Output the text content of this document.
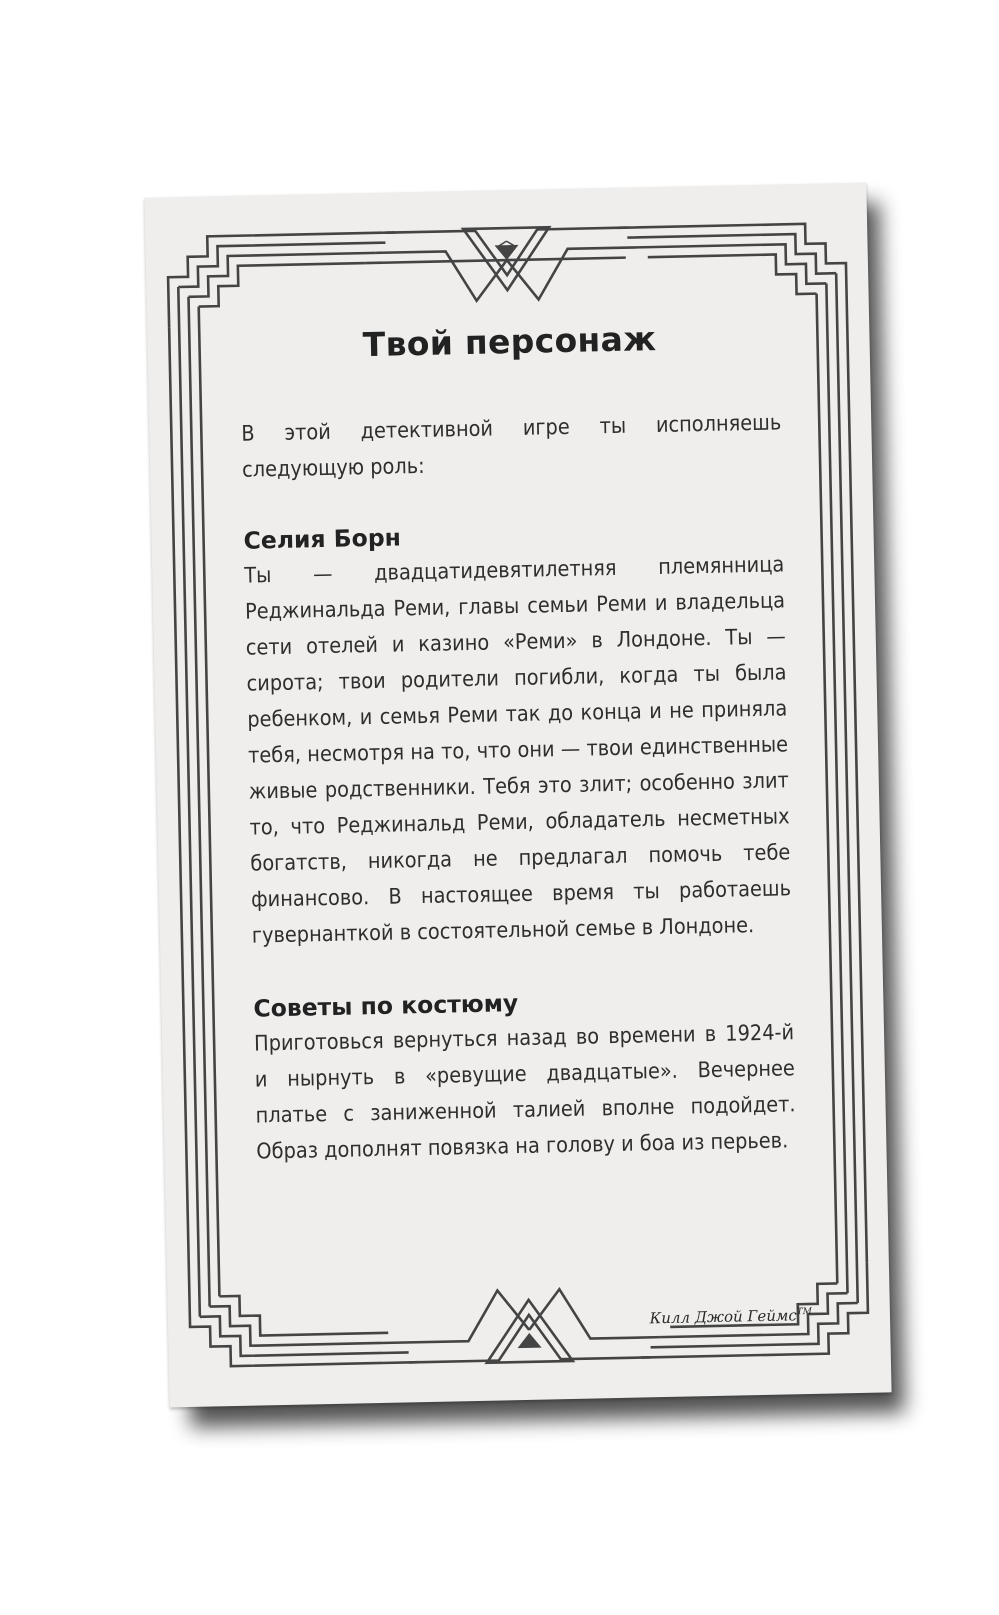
Твой персонаж

В этой детективной игре ты исполняешь следующую роль:

Селия Борн

Ты — двадцатидевятилетняя племянница Реджинальда Реми, главы семьи Реми и владельца сети отелей и казино «Реми» в Лондоне. Ты — сирота; твои родители погибли, когда ты была ребенком, и семья Реми так до конца и не приняла тебя, несмотря на то, что они — твои единственные живые родственники. Тебя это злит; особенно злит то, что Реджинальд Реми, обладатель несметных богатств, никогда не предлагал помочь тебе финансово. В настоящее время ты работаешь гувернанткой в состоятельной семье в Лондоне.

Советы по костюму

Приготовься вернуться назад во времени в 1924-й и нырнуть в «ревущие двадцатые». Вечернее платье с заниженной талией вполне подойдет. Образ дополнят повязка на голову и боа из перьев.

Килл Джой Геймс™
